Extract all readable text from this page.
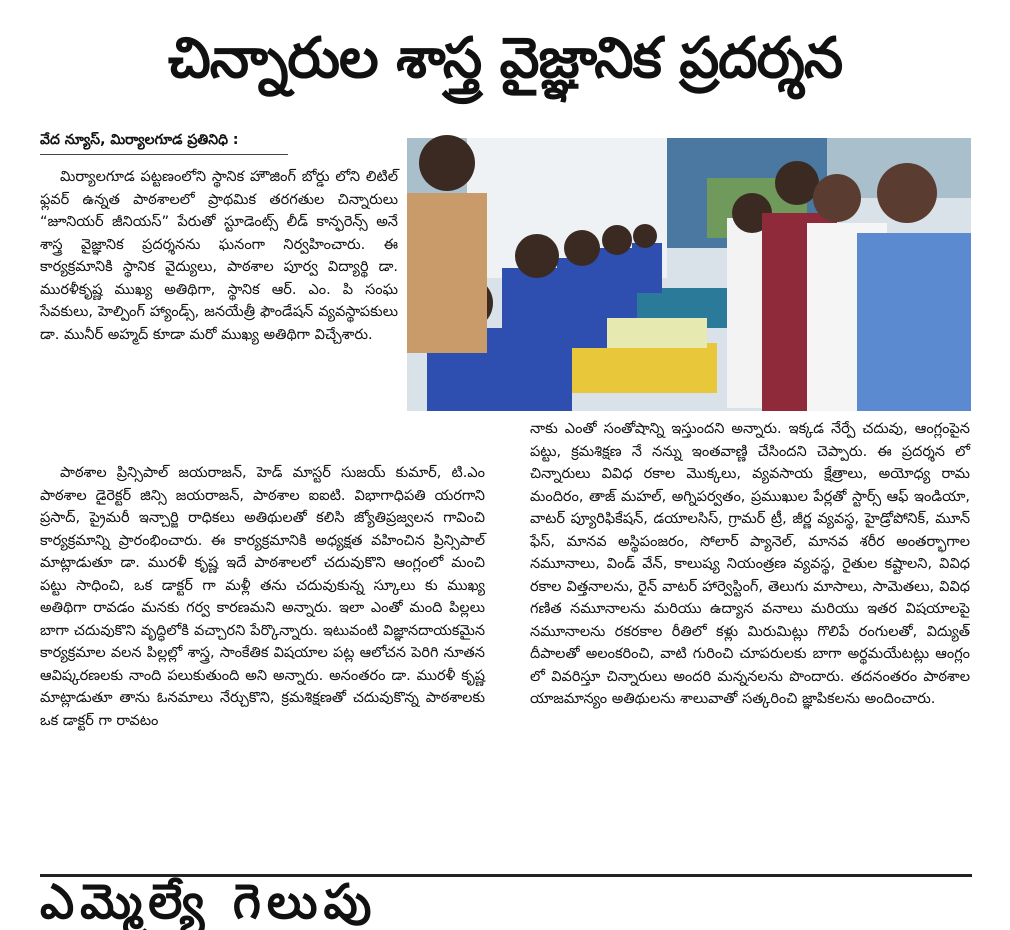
చిన్నారుల శాస్త్ర వైజ్ఞానిక ప్రదర్శన
వేద న్యూస్, మిర్యాలగూడ ప్రతినిధి :

మిర్యాలగూడ పట్టణంలోని స్థానిక హౌజింగ్ బోర్డు లోని లిటిల్ ఫ్లవర్ ఉన్నత పాఠశాలలో ప్రాథమిక తరగతుల చిన్నారులు “జూనియర్ జీనియస్” పేరుతో స్టూడెంట్స్ లీడ్ కాన్ఫరెన్స్ అనే శాస్త్ర వైజ్ఞానిక ప్రదర్శనను ఘనంగా నిర్వహించారు. ఈ కార్యక్రమానికి స్థానిక వైద్యులు, పాఠశాల పూర్వ విద్యార్థి డా. మురళీకృష్ణ ముఖ్య అతిథిగా, స్థానిక ఆర్. ఎం. పి సంఘ సేవకులు, హెల్పింగ్ హ్యాండ్స్, జనయేత్రీ ఫౌండేషన్ వ్యవస్థాపకులు డా. మునీర్ అహ్మద్ కూడా మరో ముఖ్య అతిథిగా విచ్చేశారు.

పాఠశాల ప్రిన్సిపాల్ జయరాజన్, హెడ్ మాస్టర్ సుజయ్ కుమార్, టి.ఎం పాఠశాల డైరెక్టర్ జిన్సి జయరాజన్, పాఠశాల ఐఐటి. విభాగాధిపతి యరగాని ప్రసాద్, ప్రైమరీ ఇన్చార్జి రాధికలు అతిథులతో కలిసి జ్యోతిప్రజ్వలన గావించి కార్యక్రమాన్ని ప్రారంభించారు. ఈ కార్యక్రమానికి అధ్యక్షత వహించిన ప్రిన్సిపాల్ మాట్లాడుతూ డా. మురళీ కృష్ణ ఇదే పాఠశాలలో చదువుకొని ఆంగ్లంలో మంచి పట్టు సాధించి, ఒక డాక్టర్ గా మళ్లీ తను చదువుకున్న స్కూలు కు ముఖ్య అతిథిగా రావడం మనకు గర్వ కారణమని అన్నారు. ఇలా ఎంతో మంది పిల్లలు బాగా చదువుకొని వృద్ధిలోకి వచ్చారని పేర్కొన్నారు. ఇటువంటి విజ్ఞానదాయకమైన కార్యక్రమాల వలన పిల్లల్లో శాస్త్ర, సాంకేతిక విషయాల పట్ల ఆలోచన పెరిగి నూతన ఆవిష్కరణలకు నాంది పలుకుతుంది అని అన్నారు. అనంతరం డా. మురళీ కృష్ణ మాట్లాడుతూ తాను ఓనమాలు నేర్చుకొని, క్రమశిక్షణతో చదువుకొన్న పాఠశాలకు ఒక డాక్టర్ గా రావటం

నాకు ఎంతో సంతోషాన్ని ఇస్తుందని అన్నారు. ఇక్కడ నేర్పే చదువు, ఆంగ్లంపైన పట్టు, క్రమశిక్షణ నే నన్ను ఇంతవాణ్ణి చేసిందని చెప్పారు. ఈ ప్రదర్శన లో చిన్నారులు వివిధ రకాల మొక్కలు, వ్యవసాయ క్షేత్రాలు, అయోధ్య రామ మందిరం, తాజ్ మహల్, అగ్నిపర్వతం, ప్రముఖుల పేర్లతో స్టార్స్ ఆఫ్ ఇండియా, వాటర్ ప్యూరిఫికేషన్, డయాలసిస్, గ్రామర్ ట్రీ, జీర్ణ వ్యవస్థ, హైడ్రోపోనిక్, మూన్ ఫేస్, మానవ అస్థిపంజరం, సోలార్ ప్యానెల్, మానవ శరీర అంతర్భాగాల నమూనాలు, విండ్ వేన్, కాలుష్య నియంత్రణ వ్యవస్థ, రైతుల కష్టాలని, వివిధ రకాల విత్తనాలను, రైన్ వాటర్ హార్వెస్టింగ్, తెలుగు మాసాలు, సామెతలు, వివిధ గణిత నమూనాలను మరియు ఉద్యాన వనాలు మరియు ఇతర విషయాలపై నమూనాలను రకరకాల రీతిలో కళ్లు మిరుమిట్లు గొలిపే రంగులతో, విద్యుత్ దీపాలతో అలంకరించి, వాటి గురించి చూపరులకు బాగా అర్థమయేటట్లు ఆంగ్లం లో వివరిస్తూ చిన్నారులు అందరి మన్ననలను పొందారు. తదనంతరం పాఠశాల యాజమాన్యం అతిథులను శాలువాతో సత్కరించి జ్ఞాపికలను అందించారు.

ఎమ్మెల్యే గెలుపు
